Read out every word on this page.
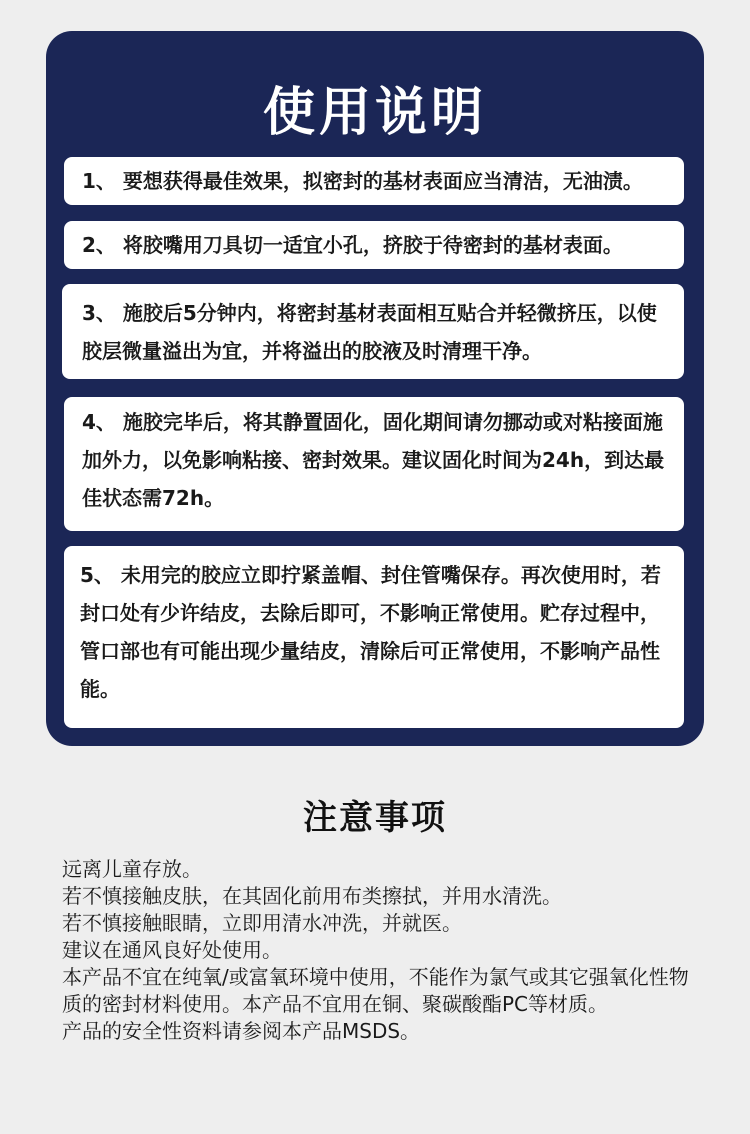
使用说明
1、 要想获得最佳效果，拟密封的基材表面应当清洁，无油渍。
2、 将胶嘴用刀具切一适宜小孔，挤胶于待密封的基材表面。
3、 施胶后5分钟内，将密封基材表面相互贴合并轻微挤压，以使胶层微量溢出为宜，并将溢出的胶液及时清理干净。
4、 施胶完毕后，将其静置固化，固化期间请勿挪动或对粘接面施加外力，以免影响粘接、密封效果。建议固化时间为24h，到达最佳状态需72h。
5、 未用完的胶应立即拧紧盖帽、封住管嘴保存。再次使用时，若封口处有少许结皮，去除后即可，不影响正常使用。贮存过程中，管口部也有可能出现少量结皮，清除后可正常使用，不影响产品性能。
注意事项
远离儿童存放。
若不慎接触皮肤，在其固化前用布类擦拭，并用水清洗。
若不慎接触眼睛，立即用清水冲洗，并就医。
建议在通风良好处使用。
本产品不宜在纯氧/或富氧环境中使用，不能作为氯气或其它强氧化性物质的密封材料使用。本产品不宜用在铜、聚碳酸酯PC等材质。
产品的安全性资料请参阅本产品MSDS。
